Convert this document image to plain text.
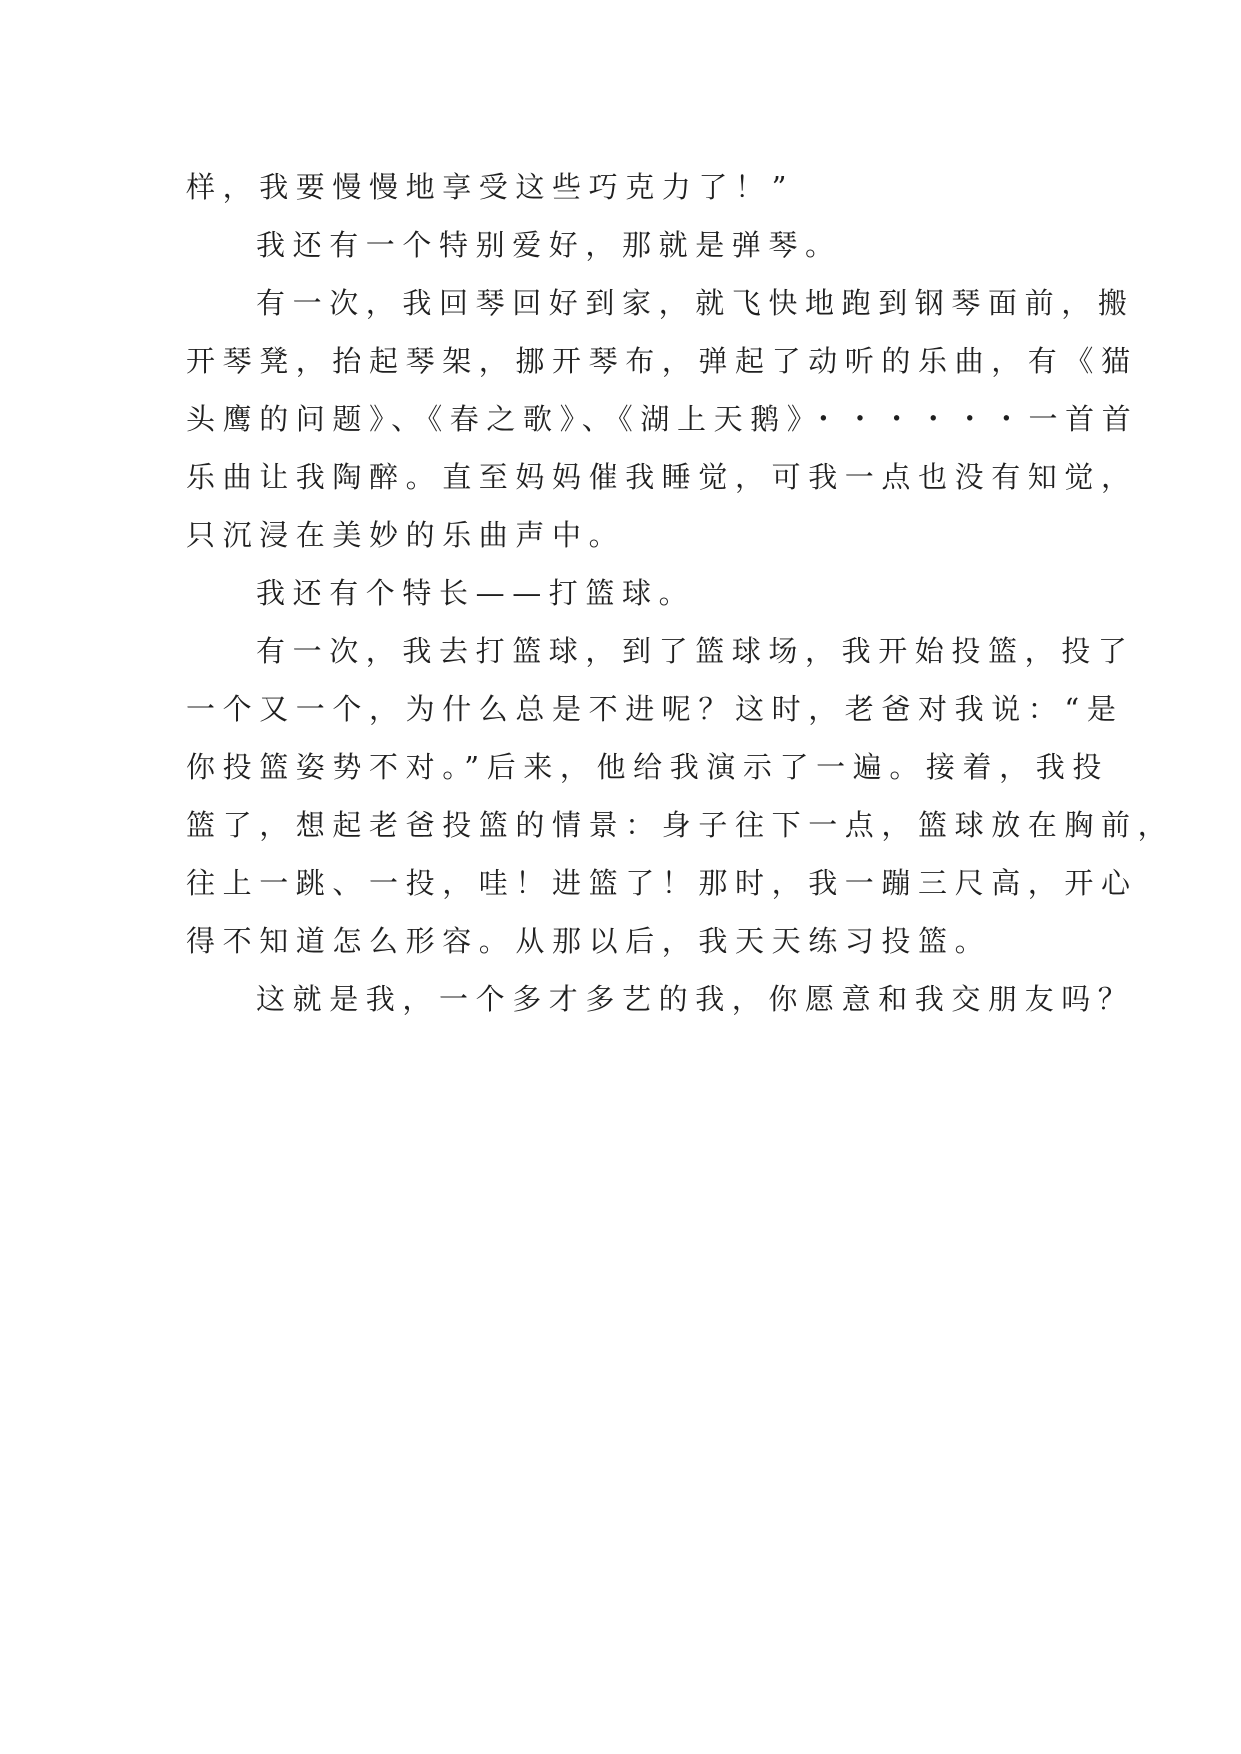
样，我要慢慢地享受这些巧克力了！”
我还有一个特别爱好，那就是弹琴。
有一次，我回琴回好到家，就飞快地跑到钢琴面前，搬
开琴凳，抬起琴架，挪开琴布，弹起了动听的乐曲，有《猫
头鹰的问题》、《春之歌》、《湖上天鹅》・・・・・・一首首
乐曲让我陶醉。直至妈妈催我睡觉，可我一点也没有知觉，
只沉浸在美妙的乐曲声中。
我还有个特长——打篮球。
有一次，我去打篮球，到了篮球场，我开始投篮，投了
一个又一个，为什么总是不进呢？这时，老爸对我说：“是
你投篮姿势不对。”后来，他给我演示了一遍。接着，我投
篮了，想起老爸投篮的情景：身子往下一点，篮球放在胸前，
往上一跳、一投，哇！进篮了！那时，我一蹦三尺高，开心
得不知道怎么形容。从那以后，我天天练习投篮。
这就是我，一个多才多艺的我，你愿意和我交朋友吗？
